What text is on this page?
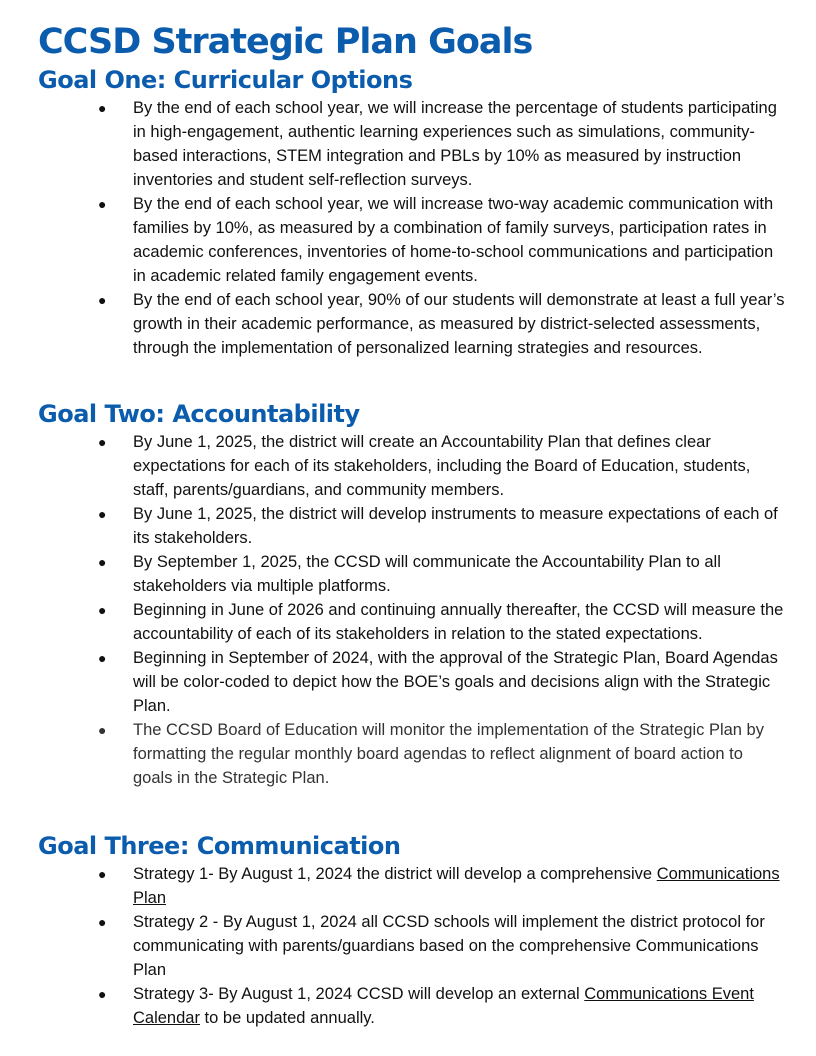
CCSD Strategic Plan Goals
Goal One: Curricular Options
● By the end of each school year, we will increase the percentage of students participating in high-engagement, authentic learning experiences such as simulations, community-based interactions, STEM integration and PBLs by 10% as measured by instruction inventories and student self-reflection surveys.
● By the end of each school year, we will increase two-way academic communication with families by 10%, as measured by a combination of family surveys, participation rates in academic conferences, inventories of home-to-school communications and participation in academic related family engagement events.
● By the end of each school year, 90% of our students will demonstrate at least a full year’s growth in their academic performance, as measured by district-selected assessments, through the implementation of personalized learning strategies and resources.
Goal Two: Accountability
● By June 1, 2025, the district will create an Accountability Plan that defines clear expectations for each of its stakeholders, including the Board of Education, students, staff, parents/guardians, and community members.
● By June 1, 2025, the district will develop instruments to measure expectations of each of its stakeholders.
● By September 1, 2025, the CCSD will communicate the Accountability Plan to all stakeholders via multiple platforms.
● Beginning in June of 2026 and continuing annually thereafter, the CCSD will measure the accountability of each of its stakeholders in relation to the stated expectations.
● Beginning in September of 2024, with the approval of the Strategic Plan, Board Agendas will be color-coded to depict how the BOE’s goals and decisions align with the Strategic Plan.
● The CCSD Board of Education will monitor the implementation of the Strategic Plan by formatting the regular monthly board agendas to reflect alignment of board action to goals in the Strategic Plan.
Goal Three: Communication
● Strategy 1- By August 1, 2024 the district will develop a comprehensive Communications Plan
● Strategy 2 - By August 1, 2024 all CCSD schools will implement the district protocol for communicating with parents/guardians based on the comprehensive Communications Plan
● Strategy 3- By August 1, 2024 CCSD will develop an external Communications Event Calendar to be updated annually.
